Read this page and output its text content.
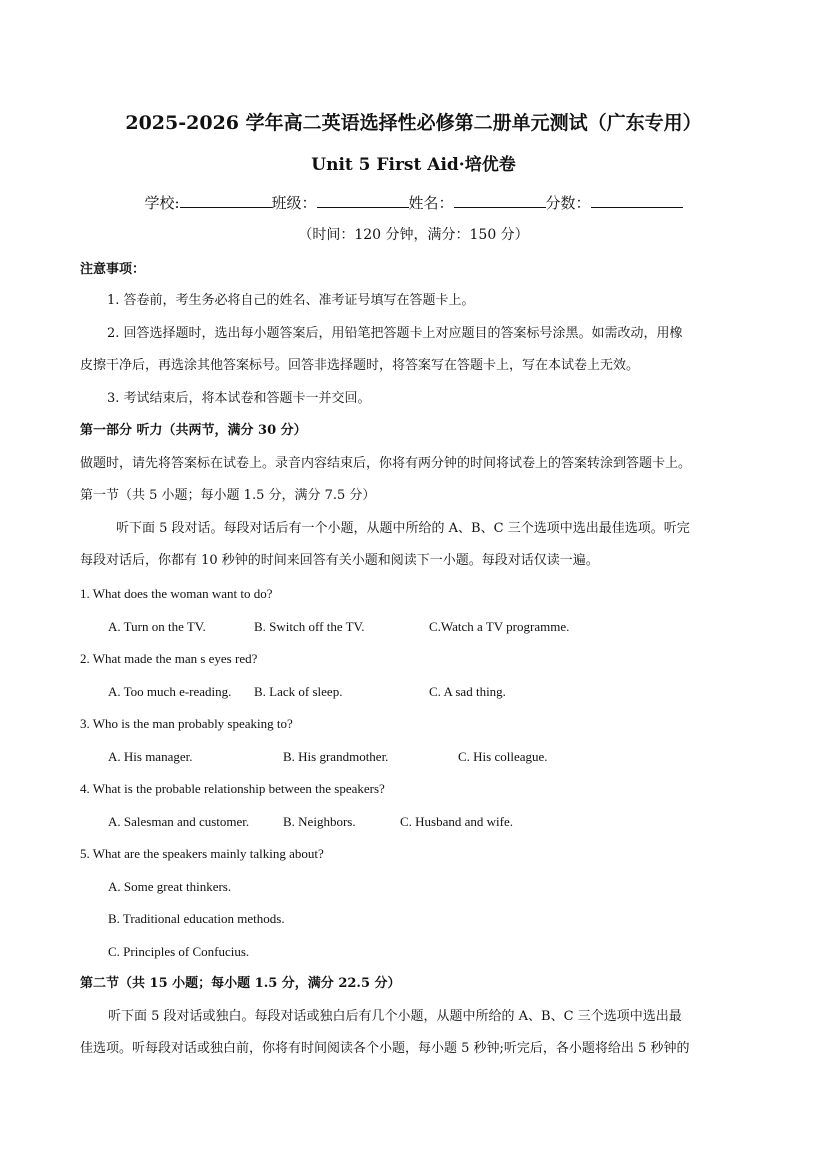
2025-2026 学年高二英语选择性必修第二册单元测试（广东专用）
Unit 5 First Aid·培优卷
学校:	班级：	姓名：	分数：
（时间：120 分钟，满分：150 分）
注意事项：
1. 答卷前，考生务必将自己的姓名、准考证号填写在答题卡上。
2. 回答选择题时，选出每小题答案后，用铅笔把答题卡上对应题目的答案标号涂黑。如需改动，用橡
皮擦干净后，再选涂其他答案标号。回答非选择题时，将答案写在答题卡上，写在本试卷上无效。
3. 考试结束后，将本试卷和答题卡一并交回。
第一部分 听力（共两节，满分 30 分）
做题时，请先将答案标在试卷上。录音内容结束后，你将有两分钟的时间将试卷上的答案转涂到答题卡上。
第一节（共 5 小题；每小题 1.5 分，满分 7.5 分）
听下面 5 段对话。每段对话后有一个小题，从题中所给的 A、B、C 三个选项中选出最佳选项。听完
每段对话后，你都有 10 秒钟的时间来回答有关小题和阅读下一小题。每段对话仅读一遍。
1. What does the woman want to do?
A. Turn on the TV.	B. Switch off the TV.	C.Watch a TV programme.
2. What made the man s eyes red?
A. Too much e-reading. B. Lack of sleep.	C. A sad thing.
3. Who is the man probably speaking to?
A. His manager.	B. His grandmother.	C. His colleague.
4. What is the probable relationship between the speakers?
A. Salesman and customer.	B. Neighbors.	C. Husband and wife.
5. What are the speakers mainly talking about?
A. Some great thinkers.
B. Traditional education methods.
C. Principles of Confucius.
第二节（共 15 小题；每小题 1.5 分，满分 22.5 分）
听下面 5 段对话或独白。每段对话或独白后有几个小题，从题中所给的 A、B、C 三个选项中选出最
佳选项。听每段对话或独白前，你将有时间阅读各个小题，每小题 5 秒钟;听完后，各小题将给出 5 秒钟的
